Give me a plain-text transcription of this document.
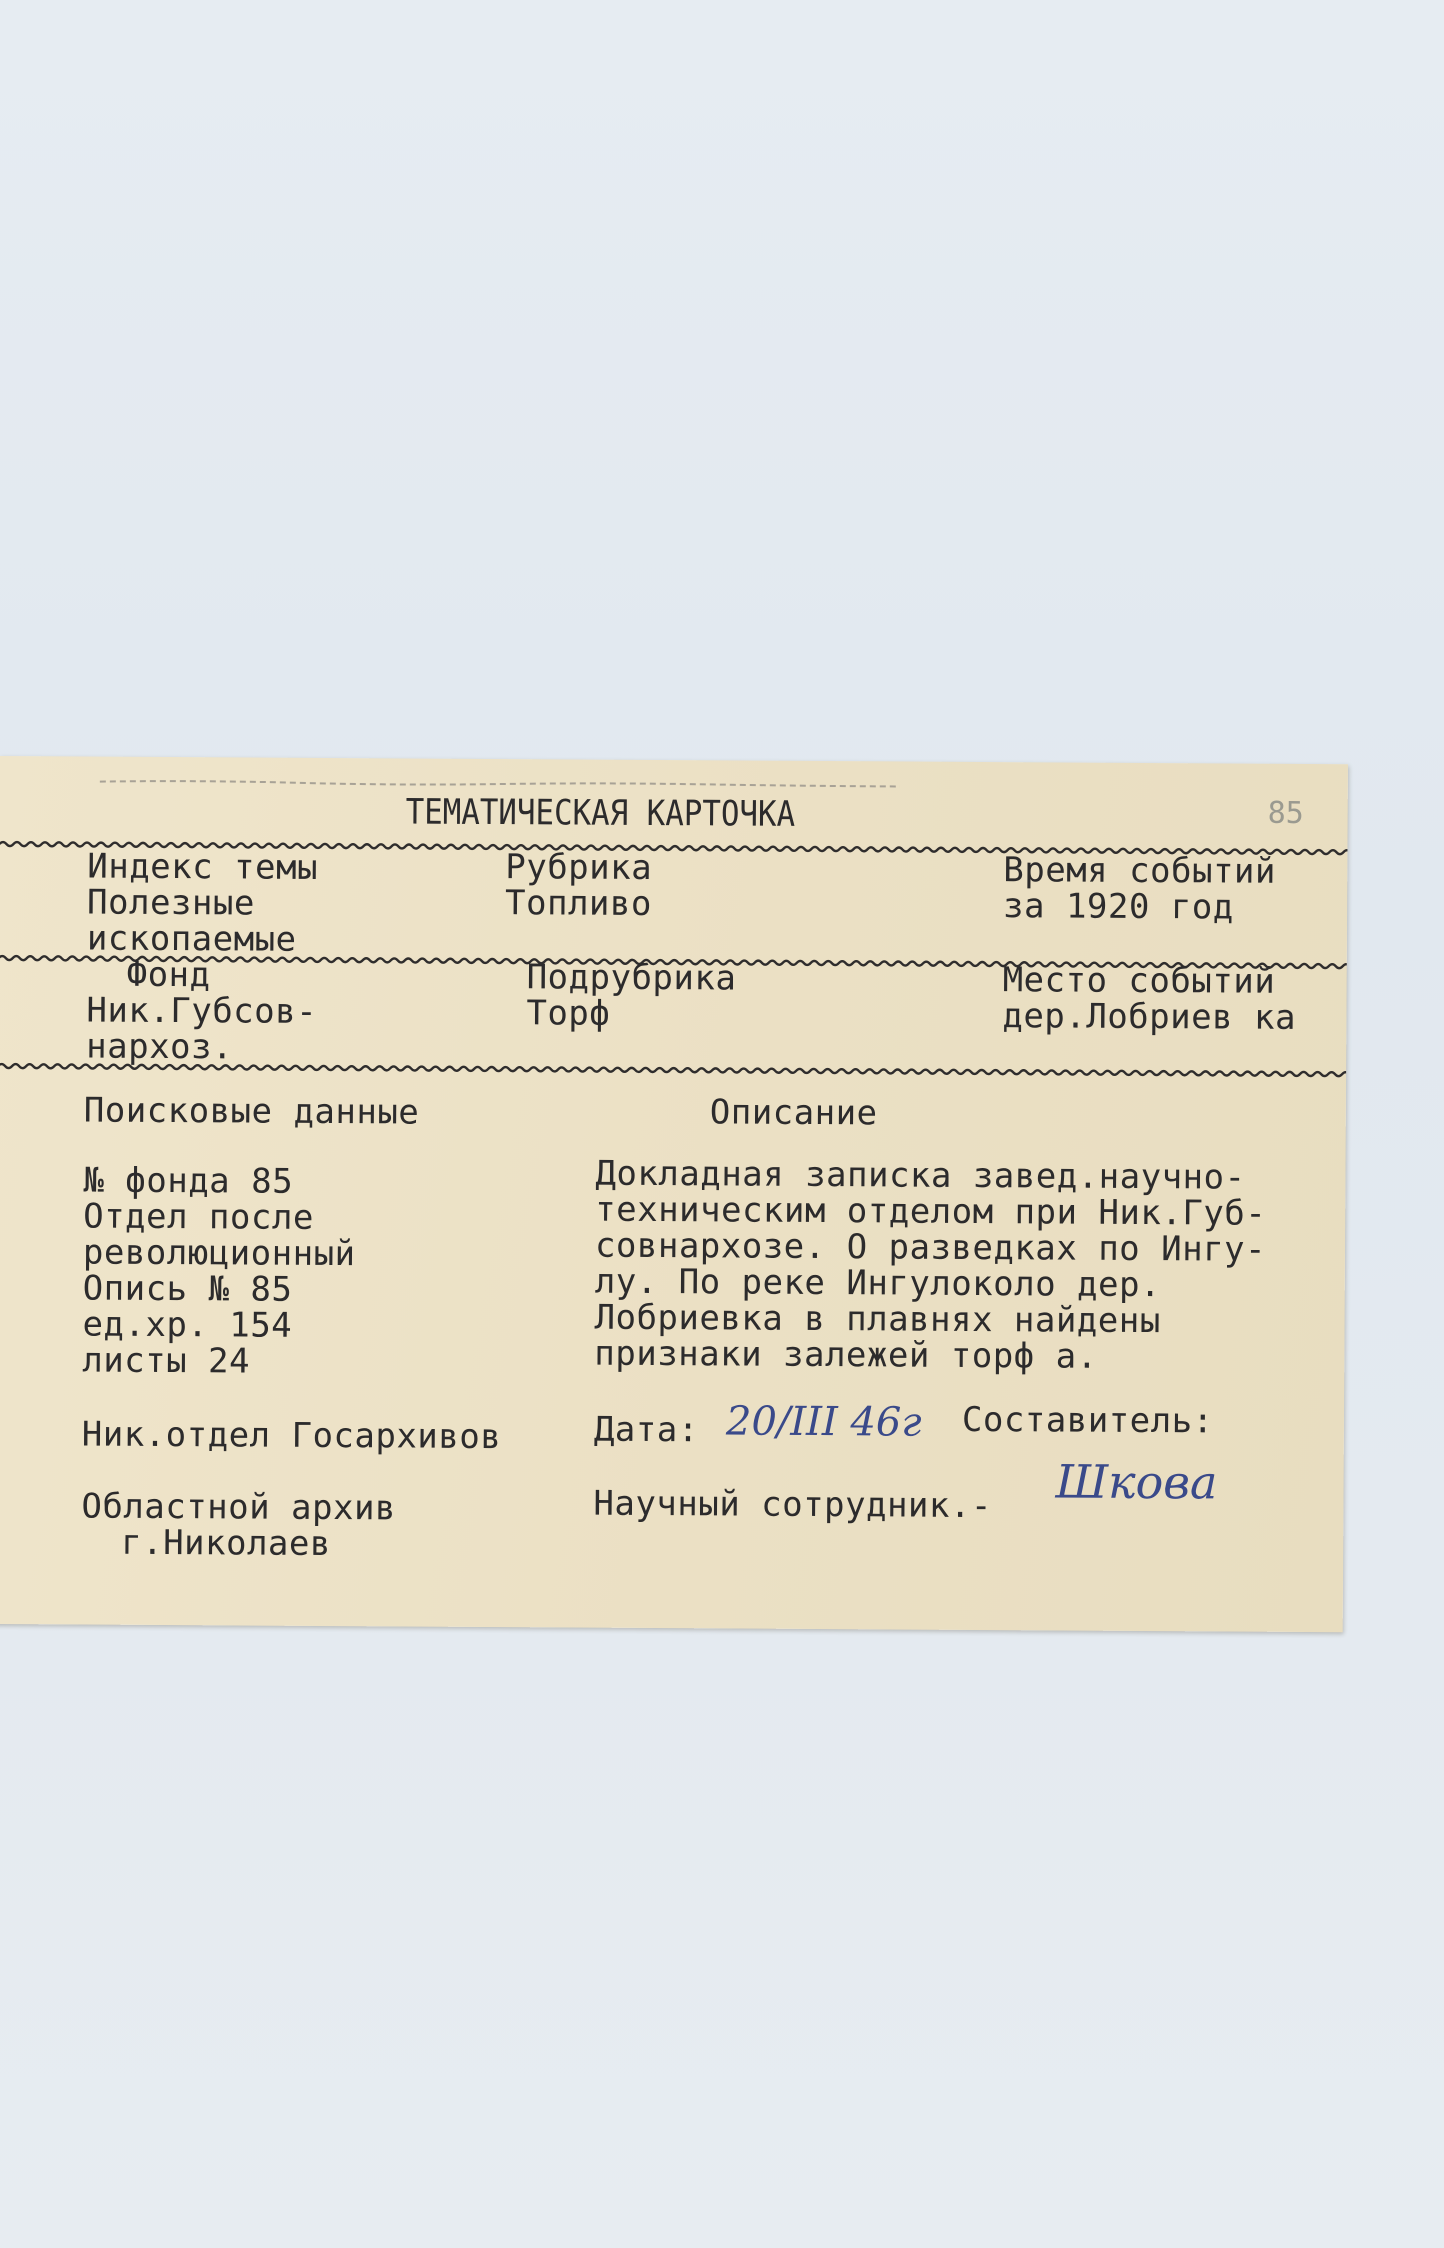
ТЕМАТИЧЕСКАЯ КАРТОЧКА	85
Индекс темы
Полезные
ископаемые
Рубрика
Топливо
Время событий
за 1920 год
Фонд
Ник.Губсов-
нархоз.
Подрубрика
Торф
Место событий
дер.Лобриев ка
Поисковые данные
№ фонда 85
Отдел после
революционный
Опись № 85
ед.хр. 154
листы 24
Ник.отдел Госархивов
Областной архив
г.Николаев
Описание
Докладная записка завед.научно-
техническим отделом при Ник.Губ-
совнархозе. О разведках по Ингу-
лу. По реке Ингулоколо дер.
Лобриевка в плавнях найдены
признаки залежей торф а.
Дата: 20/III 46г Составитель:
Научный сотрудник.- Шкова
